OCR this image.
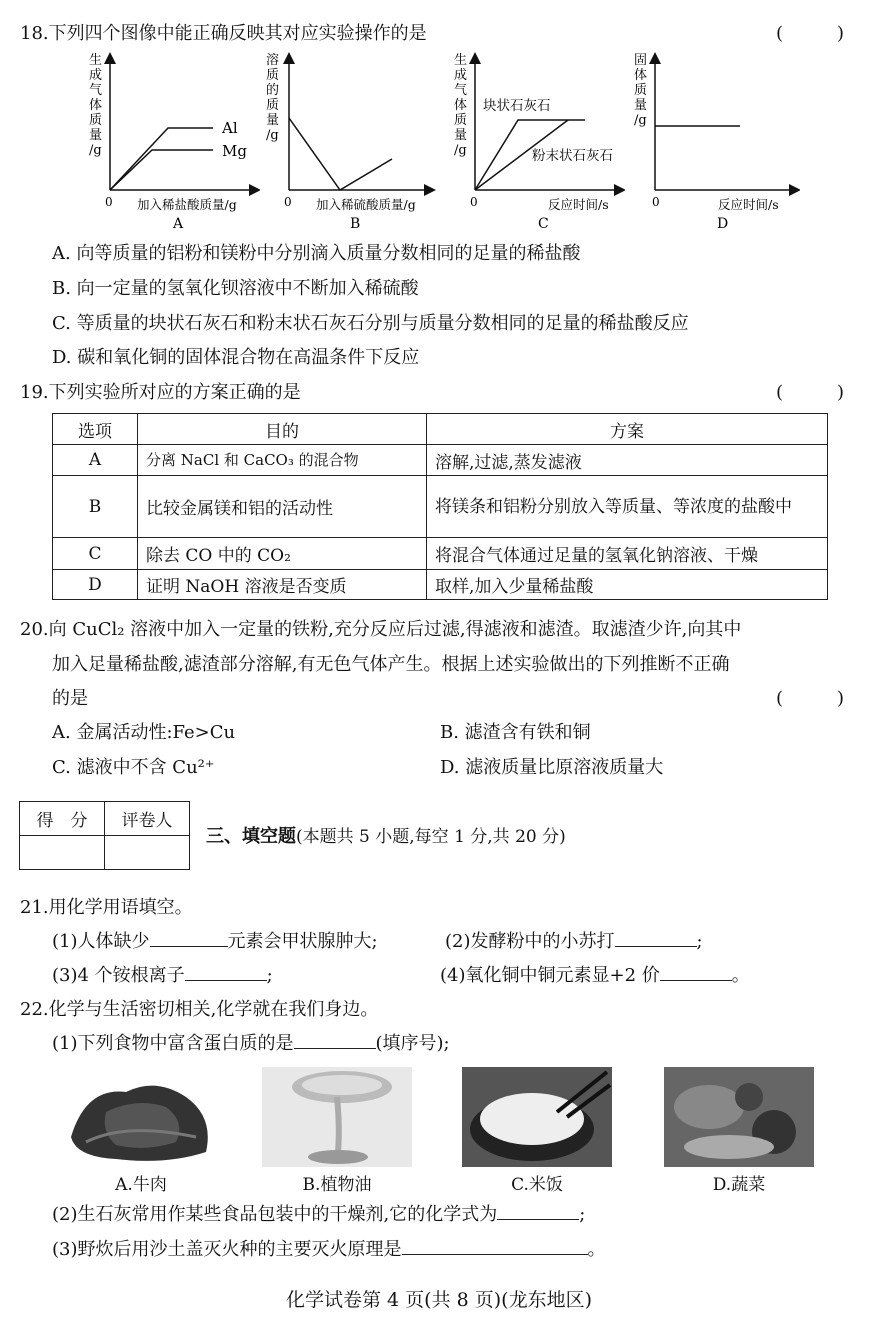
18.下列四个图像中能正确反映其对应实验操作的是	(　　　)
生
成
气
体
质
量
/g
Al
Mg
0 加入稀盐酸质量/g
A
溶
质
的
质
量
/g
0 加入稀硫酸质量/g
B
生
成
气
体
质
量
/g
块状石灰石
粉末状石灰石
0	反应时间/s
C
固
体
质
量
/g
0	反应时间/s
D
A. 向等质量的铝粉和镁粉中分别滴入质量分数相同的足量的稀盐酸
B. 向一定量的氢氧化钡溶液中不断加入稀硫酸
C. 等质量的块状石灰石和粉末状石灰石分别与质量分数相同的足量的稀盐酸反应
D. 碳和氧化铜的固体混合物在高温条件下反应
19.下列实验所对应的方案正确的是	(　　　)
选项	目的	方案
A	分离 NaCl 和 CaCO₃ 的混合物	溶解,过滤,蒸发滤液
B	比较金属镁和铝的活动性	将镁条和铝粉分别放入等质量、等浓度的盐酸中
C	除去 CO 中的 CO₂	将混合气体通过足量的氢氧化钠溶液、干燥
D	证明 NaOH 溶液是否变质	取样,加入少量稀盐酸
20.向 CuCl₂ 溶液中加入一定量的铁粉,充分反应后过滤,得滤液和滤渣。取滤渣少许,向其中
加入足量稀盐酸,滤渣部分溶解,有无色气体产生。根据上述实验做出的下列推断不正确
的是	(　　　)
A. 金属活动性:Fe>Cu	B. 滤渣含有铁和铜
C. 滤液中不含 Cu²⁺	D. 滤液质量比原溶液质量大
得　分	评卷人

三、填空题(本题共 5 小题,每空 1 分,共 20 分)
21.用化学用语填空。
(1)人体缺少	元素会甲状腺肿大;	(2)发酵粉中的小苏打	;
(3)4 个铵根离子	;	(4)氧化铜中铜元素显+2 价	。
22.化学与生活密切相关,化学就在我们身边。
(1)下列食物中富含蛋白质的是	(填序号);
A.牛肉	B.植物油	C.米饭	D.蔬菜
(2)生石灰常用作某些食品包装中的干燥剂,它的化学式为	;
(3)野炊后用沙土盖灭火种的主要灭火原理是	。
化学试卷第 4 页(共 8 页)(龙东地区)
